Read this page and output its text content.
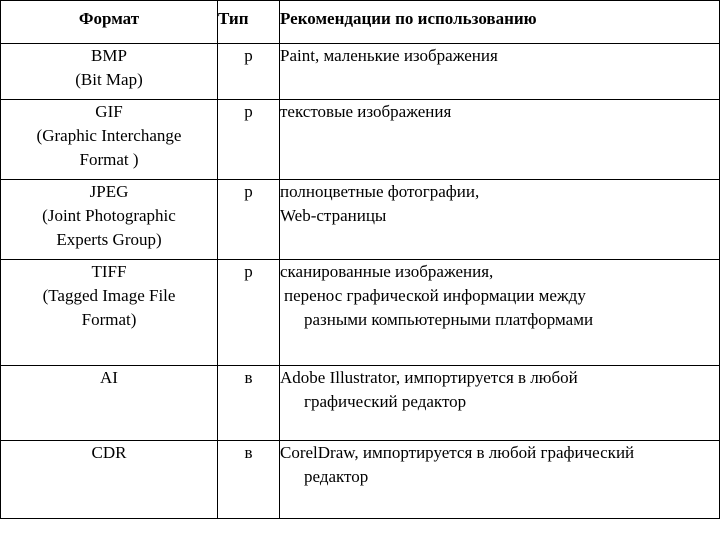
Формат	Тип	Рекомендации по использованию

BMP
(Bit Map)	р	Paint, маленькие изображения

GIF
(Graphic Interchange
Format )	р	текстовые изображения

JPEG
(Joint Photographic
Experts Group)	р	полноцветные фотографии,
Web-страницы

TIFF
(Tagged Image File
Format)	р	сканированные изображения,
перенос графической информации между
разными компьютерными платформами

AI	в	Adobe Illustrator, импортируется в любой
графический редактор

CDR	в	CorelDraw, импортируется в любой графический
редактор
